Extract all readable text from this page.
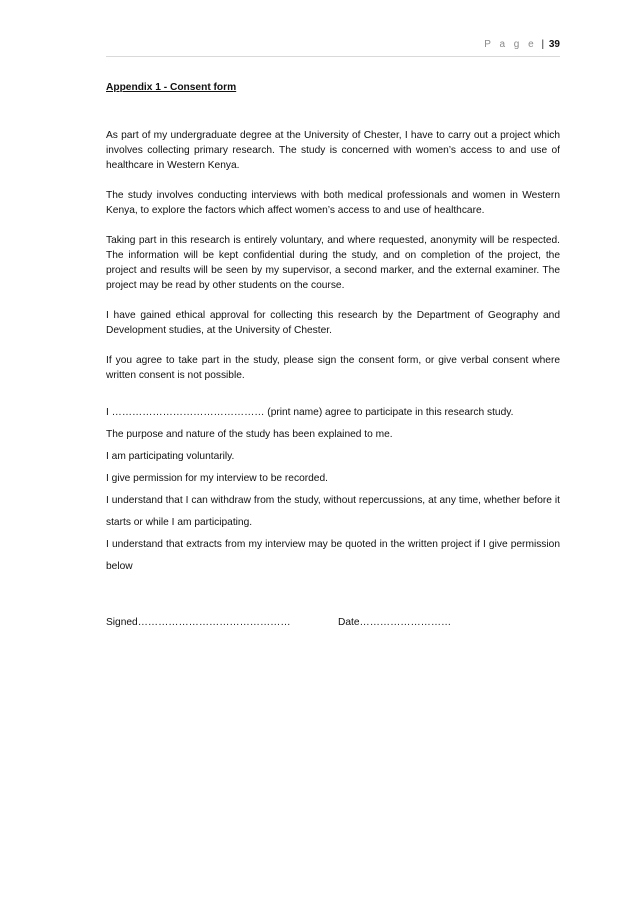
P a g e | 39

Appendix 1 - Consent form

As part of my undergraduate degree at the University of Chester, I have to carry out a project which involves collecting primary research. The study is concerned with women’s access to and use of healthcare in Western Kenya.

The study involves conducting interviews with both medical professionals and women in Western Kenya, to explore the factors which affect women’s access to and use of healthcare.

Taking part in this research is entirely voluntary, and where requested, anonymity will be respected. The information will be kept confidential during the study, and on completion of the project, the project and results will be seen by my supervisor, a second marker, and the external examiner. The project may be read by other students on the course.

I have gained ethical approval for collecting this research by the Department of Geography and Development studies, at the University of Chester.

If you agree to take part in the study, please sign the consent form, or give verbal consent where written consent is not possible.

I ……………………………………… (print name) agree to participate in this research study.

The purpose and nature of the study has been explained to me.

I am participating voluntarily.

I give permission for my interview to be recorded.

I understand that I can withdraw from the study, without repercussions, at any time, whether before it starts or while I am participating.

I understand that extracts from my interview may be quoted in the written project if I give permission below

Signed………………………………………	Date………………………
